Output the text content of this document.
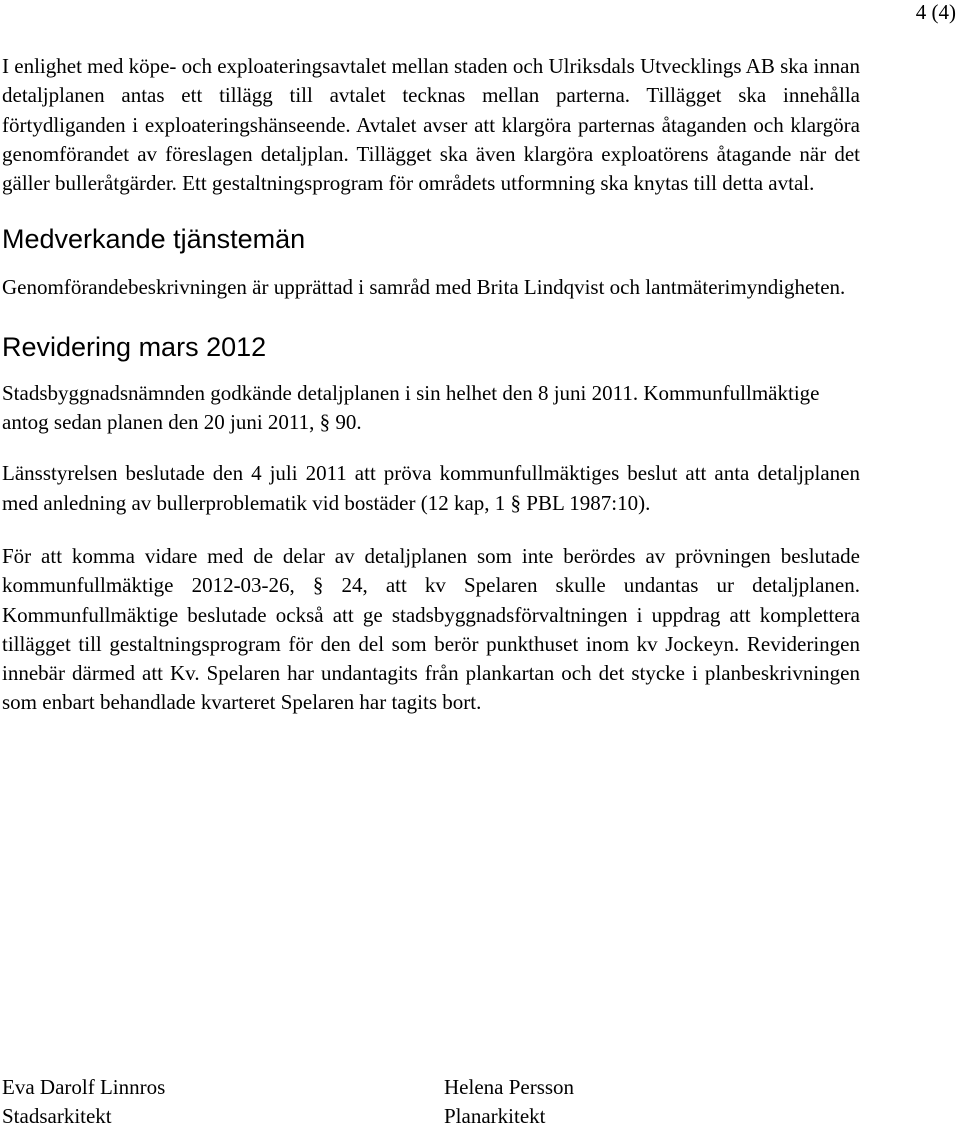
4 (4)

I enlighet med köpe- och exploateringsavtalet mellan staden och Ulriksdals Utvecklings AB ska innan detaljplanen antas ett tillägg till avtalet tecknas mellan parterna. Tillägget ska innehålla förtydliganden i exploateringshänseende. Avtalet avser att klargöra parternas åtaganden och klargöra genomförandet av föreslagen detaljplan. Tillägget ska även klargöra exploatörens åtagande när det gäller bulleråtgärder. Ett gestaltningsprogram för områdets utformning ska knytas till detta avtal.

Medverkande tjänstemän

Genomförandebeskrivningen är upprättad i samråd med Brita Lindqvist och lantmäterimyndigheten.

Revidering mars 2012

Stadsbyggnadsnämnden godkände detaljplanen i sin helhet den 8 juni 2011. Kommunfullmäktige antog sedan planen den 20 juni 2011, § 90.

Länsstyrelsen beslutade den 4 juli 2011 att pröva kommunfullmäktiges beslut att anta detaljplanen med anledning av bullerproblematik vid bostäder (12 kap, 1 § PBL 1987:10).

För att komma vidare med de delar av detaljplanen som inte berördes av prövningen beslutade kommunfullmäktige 2012-03-26, § 24, att kv Spelaren skulle undantas ur detaljplanen. Kommunfullmäktige beslutade också att ge stadsbyggnadsförvaltningen i uppdrag att komplettera tillägget till gestaltningsprogram för den del som berör punkthuset inom kv Jockeyn. Revideringen innebär därmed att Kv. Spelaren har undantagits från plankartan och det stycke i planbeskrivningen som enbart behandlade kvarteret Spelaren har tagits bort.

Eva Darolf Linnros
Stadsarkitekt
Helena Persson
Planarkitekt
